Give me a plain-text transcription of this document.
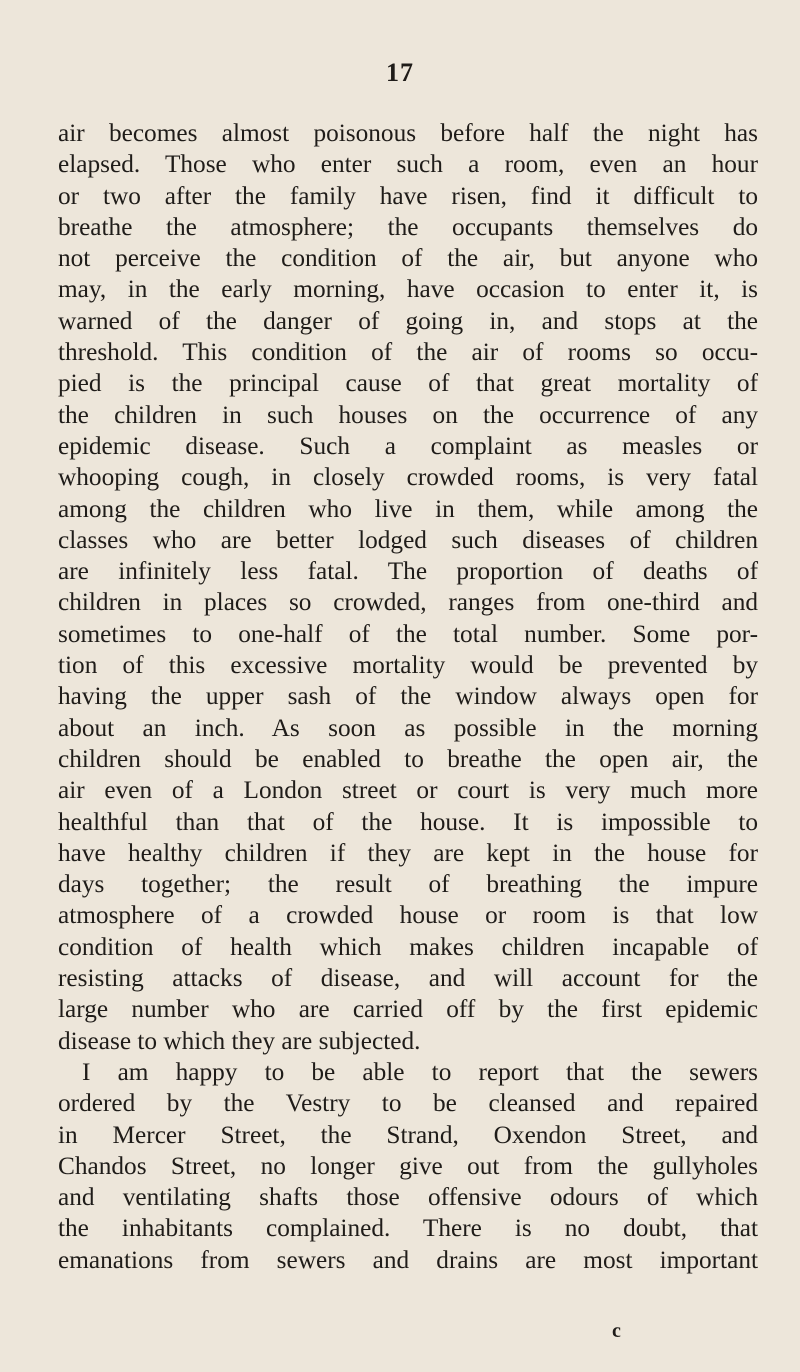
17
air becomes almost poisonous before half the night has
elapsed. Those who enter such a room, even an hour
or two after the family have risen, find it difficult to
breathe the atmosphere; the occupants themselves do
not perceive the condition of the air, but anyone who
may, in the early morning, have occasion to enter it, is
warned of the danger of going in, and stops at the
threshold. This condition of the air of rooms so occu-
pied is the principal cause of that great mortality of
the children in such houses on the occurrence of any
epidemic disease. Such a complaint as measles or
whooping cough, in closely crowded rooms, is very fatal
among the children who live in them, while among the
classes who are better lodged such diseases of children
are infinitely less fatal. The proportion of deaths of
children in places so crowded, ranges from one-third and
sometimes to one-half of the total number. Some por-
tion of this excessive mortality would be prevented by
having the upper sash of the window always open for
about an inch. As soon as possible in the morning
children should be enabled to breathe the open air, the
air even of a London street or court is very much more
healthful than that of the house. It is impossible to
have healthy children if they are kept in the house for
days together; the result of breathing the impure
atmosphere of a crowded house or room is that low
condition of health which makes children incapable of
resisting attacks of disease, and will account for the
large number who are carried off by the first epidemic
disease to which they are subjected.
I am happy to be able to report that the sewers
ordered by the Vestry to be cleansed and repaired
in Mercer Street, the Strand, Oxendon Street, and
Chandos Street, no longer give out from the gullyholes
and ventilating shafts those offensive odours of which
the inhabitants complained. There is no doubt, that
emanations from sewers and drains are most important
c
